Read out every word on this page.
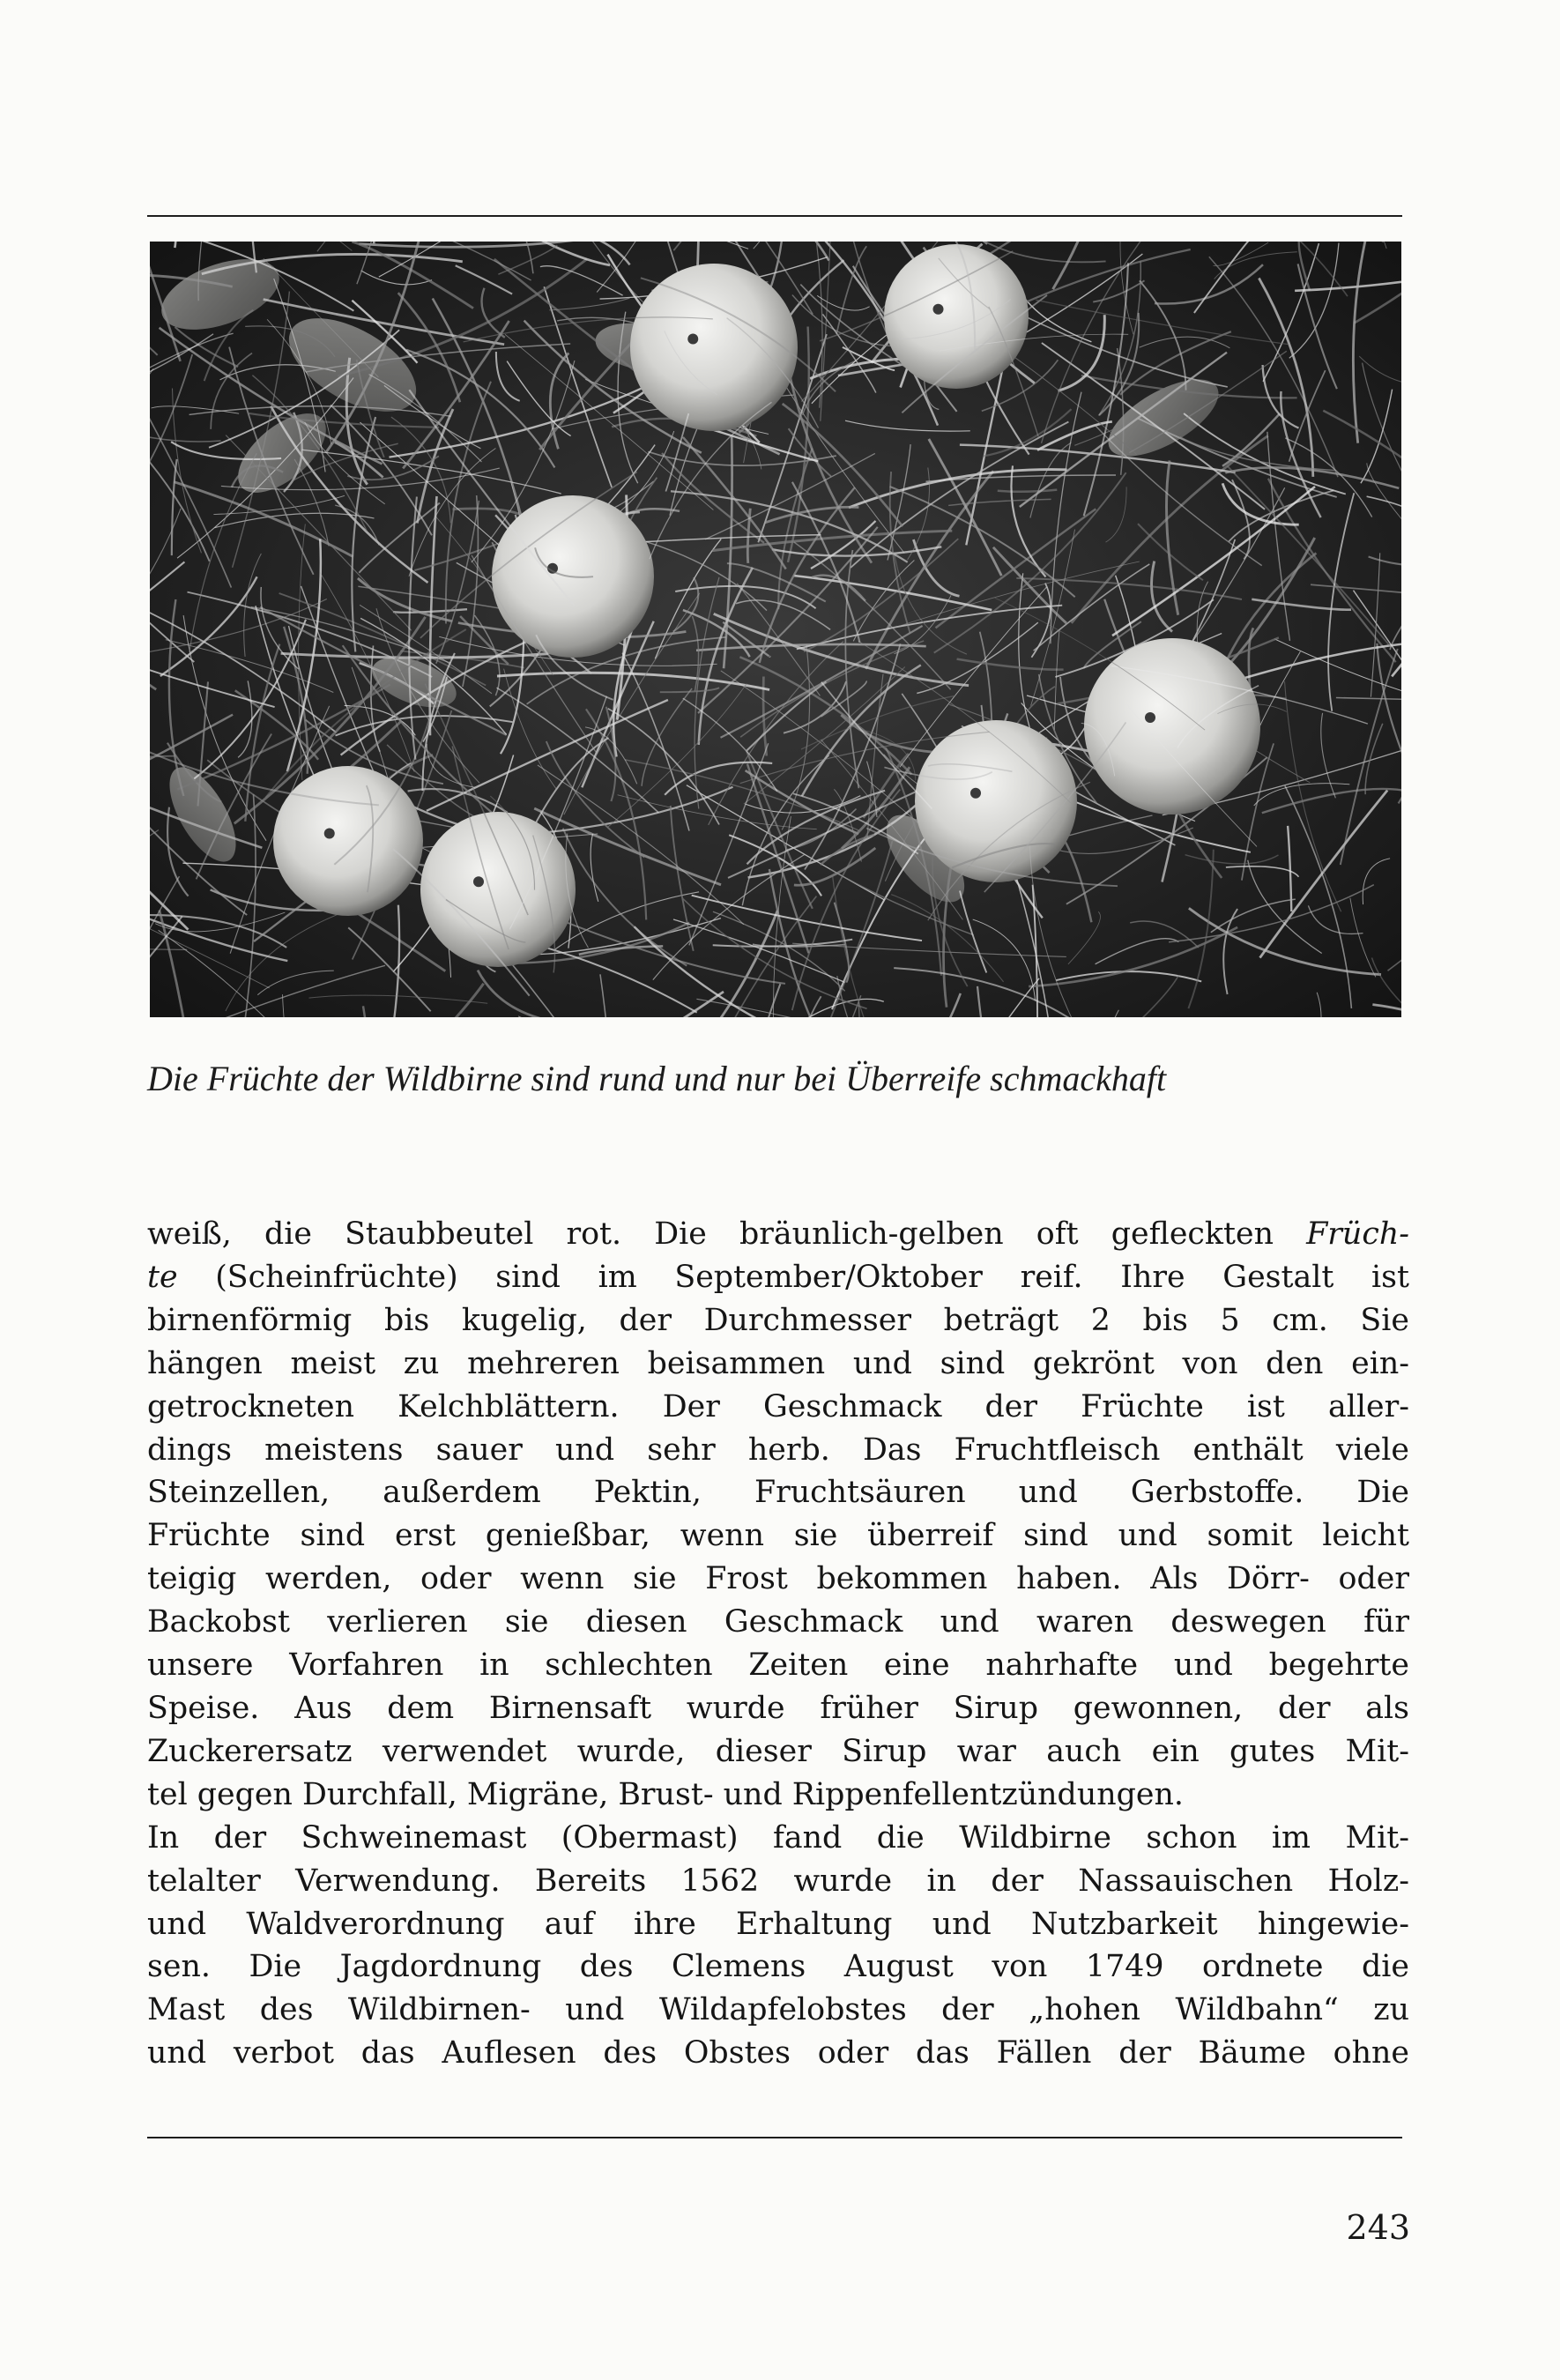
Die Früchte der Wildbirne sind rund und nur bei Überreife schmackhaft

weiß, die Staubbeutel rot. Die bräunlich-gelben oft gefleckten Früch-
te (Scheinfrüchte) sind im September/Oktober reif. Ihre Gestalt ist
birnenförmig bis kugelig, der Durchmesser beträgt 2 bis 5 cm. Sie
hängen meist zu mehreren beisammen und sind gekrönt von den ein-
getrockneten Kelchblättern. Der Geschmack der Früchte ist aller-
dings meistens sauer und sehr herb. Das Fruchtfleisch enthält viele
Steinzellen, außerdem Pektin, Fruchtsäuren und Gerbstoffe. Die
Früchte sind erst genießbar, wenn sie überreif sind und somit leicht
teigig werden, oder wenn sie Frost bekommen haben. Als Dörr- oder
Backobst verlieren sie diesen Geschmack und waren deswegen für
unsere Vorfahren in schlechten Zeiten eine nahrhafte und begehrte
Speise. Aus dem Birnensaft wurde früher Sirup gewonnen, der als
Zuckerersatz verwendet wurde, dieser Sirup war auch ein gutes Mit-
tel gegen Durchfall, Migräne, Brust- und Rippenfellentzündungen.
In der Schweinemast (Obermast) fand die Wildbirne schon im Mit-
telalter Verwendung. Bereits 1562 wurde in der Nassauischen Holz-
und Waldverordnung auf ihre Erhaltung und Nutzbarkeit hingewie-
sen. Die Jagdordnung des Clemens August von 1749 ordnete die
Mast des Wildbirnen- und Wildapfelobstes der „hohen Wildbahn“ zu
und verbot das Auflesen des Obstes oder das Fällen der Bäume ohne
243
